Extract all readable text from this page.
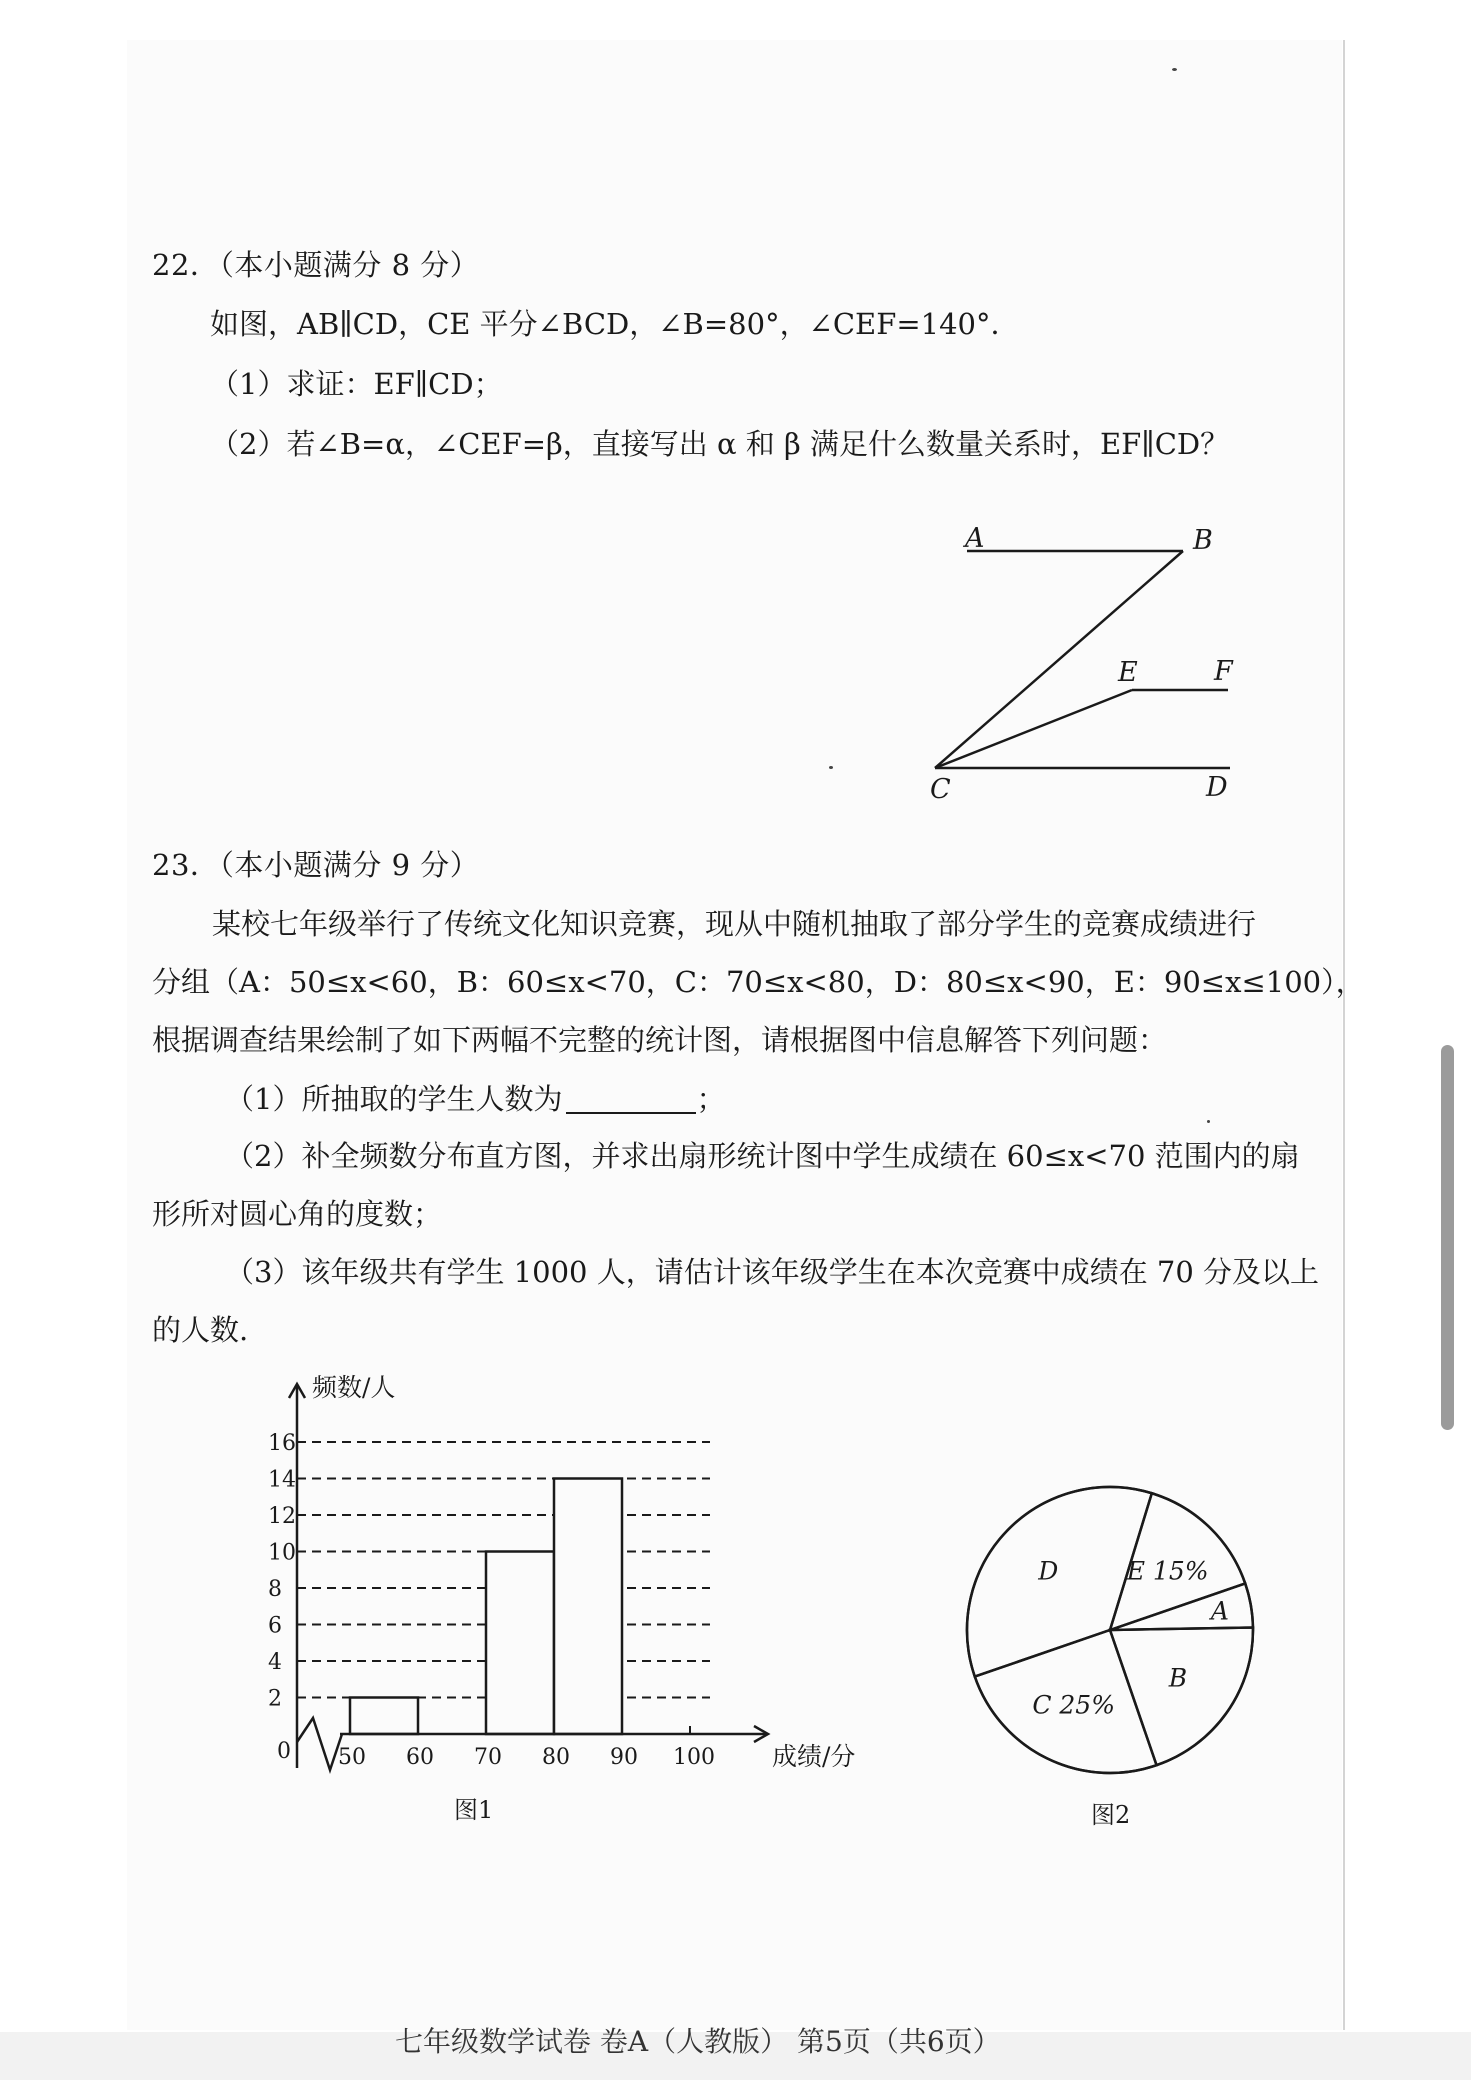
22．（本小题满分 8 分）
如图，AB∥CD，CE 平分∠BCD，∠B=80°，∠CEF=140°．
（1）求证：EF∥CD；
（2）若∠B=α，∠CEF=β，直接写出 α 和 β 满足什么数量关系时，EF∥CD？
A	B
E	F
C	D
23．（本小题满分 9 分）
某校七年级举行了传统文化知识竞赛，现从中随机抽取了部分学生的竞赛成绩进行
分组（A：50≤x<60，B：60≤x<70，C：70≤x<80，D：80≤x<90，E：90≤x≤100），
根据调查结果绘制了如下两幅不完整的统计图，请根据图中信息解答下列问题：
（1）所抽取的学生人数为	；
（2）补全频数分布直方图，并求出扇形统计图中学生成绩在 60≤x<70 范围内的扇
形所对圆心角的度数；
（3）该年级共有学生 1000 人，请估计该年级学生在本次竞赛中成绩在 70 分及以上
的人数.
2
4
6
8
10
12
14
16
50 60 70 80 90 100
频数/人
成绩/分
0
图1
E 15%
A
B
C 25%
D
图2
七年级数学试卷 卷A（人教版） 第5页（共6页）
